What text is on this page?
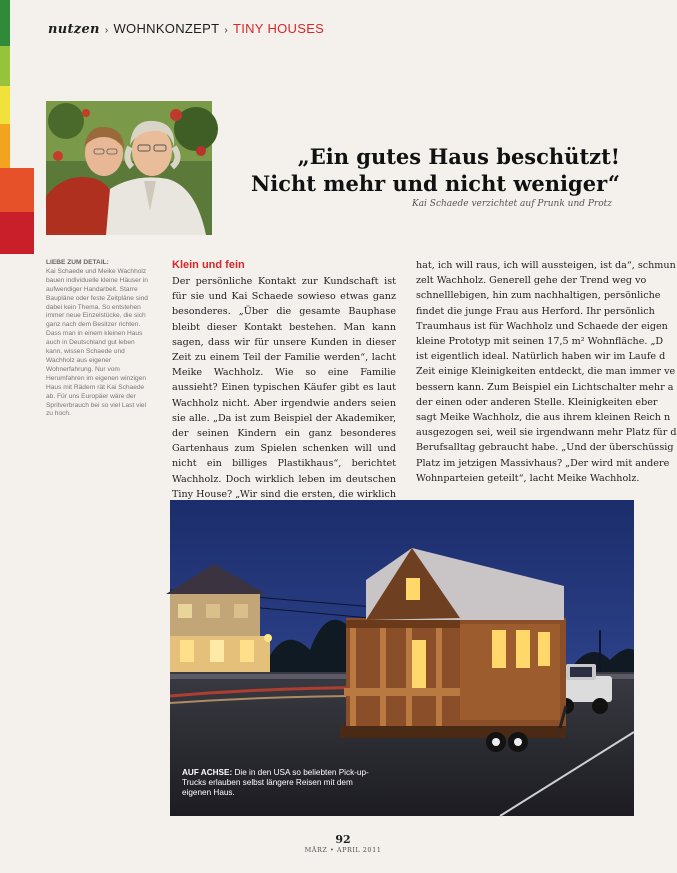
nutzen › WOHNKONZEPT › TINY HOUSES
„Ein gutes Haus beschützt!
Nicht mehr und nicht weniger“
Kai Schaede verzichtet auf Prunk und Protz
LIEBE ZUM DETAIL:
Kai Schaede und Meike Wachholz bauen individuelle kleine Häuser in aufwendiger Handarbeit. Starre Baupläne oder feste Zeitpläne sind dabei kein Thema. So entstehen immer neue Einzelstücke, die sich ganz nach dem Besitzer richten. Dass man in einem kleinen Haus auch in Deutschland gut leben kann, wissen Schaede und Wachholz aus eigener Wohnerfahrung. Nur vom Herumfahren im eigenen winzigen Haus mit Rädern rät Kai Schaede ab. Für uns Europäer wäre der Spritverbrauch bei so viel Last viel zu hoch.
Klein und fein
Der persönliche Kontakt zur Kundschaft ist für sie und Kai Schaede sowieso etwas ganz besonderes. „Über die gesamte Bauphase bleibt dieser Kontakt bestehen. Man kann sagen, dass wir für unsere Kunden in dieser Zeit zu einem Teil der Familie werden“, lacht Meike Wachholz. Wie so eine Familie aussieht? Einen typischen Käufer gibt es laut Wachholz nicht. Aber irgendwie anders seien sie alle. „Da ist zum Beispiel der Akademiker, der seinen Kindern ein ganz besonderes Gartenhaus zum Spielen schenken will und nicht ein billiges Plastikhaus“, berichtet Wachholz. Doch wirklich leben im deutschen Tiny House? „Wir sind die ersten, die wirklich
hat, ich will raus, ich will aussteigen, ist da“, schmun
zelt Wachholz. Generell gehe der Trend weg vo
schnelllebigen, hin zum nachhaltigen, persönliche
findet die junge Frau aus Herford. Ihr persönlich
Traumhaus ist für Wachholz und Schaede der eigen
kleine Prototyp mit seinen 17,5 m² Wohnfläche. „D
ist eigentlich ideal. Natürlich haben wir im Laufe d
Zeit einige Kleinigkeiten entdeckt, die man immer ve
bessern kann. Zum Beispiel ein Lichtschalter mehr a
der einen oder anderen Stelle. Kleinigkeiten eber
sagt Meike Wachholz, die aus ihrem kleinen Reich n
ausgezogen sei, weil sie irgendwann mehr Platz für d
Berufsalltag gebraucht habe. „Und der überschüssig
Platz im jetzigen Massivhaus? „Der wird mit andere
Wohnparteien geteilt“, lacht Meike Wachholz.
AUF ACHSE: Die in den USA so beliebten Pick-up-Trucks erlauben selbst längere Reisen mit dem eigenen Haus.
92
MÄRZ • APRIL 2011
